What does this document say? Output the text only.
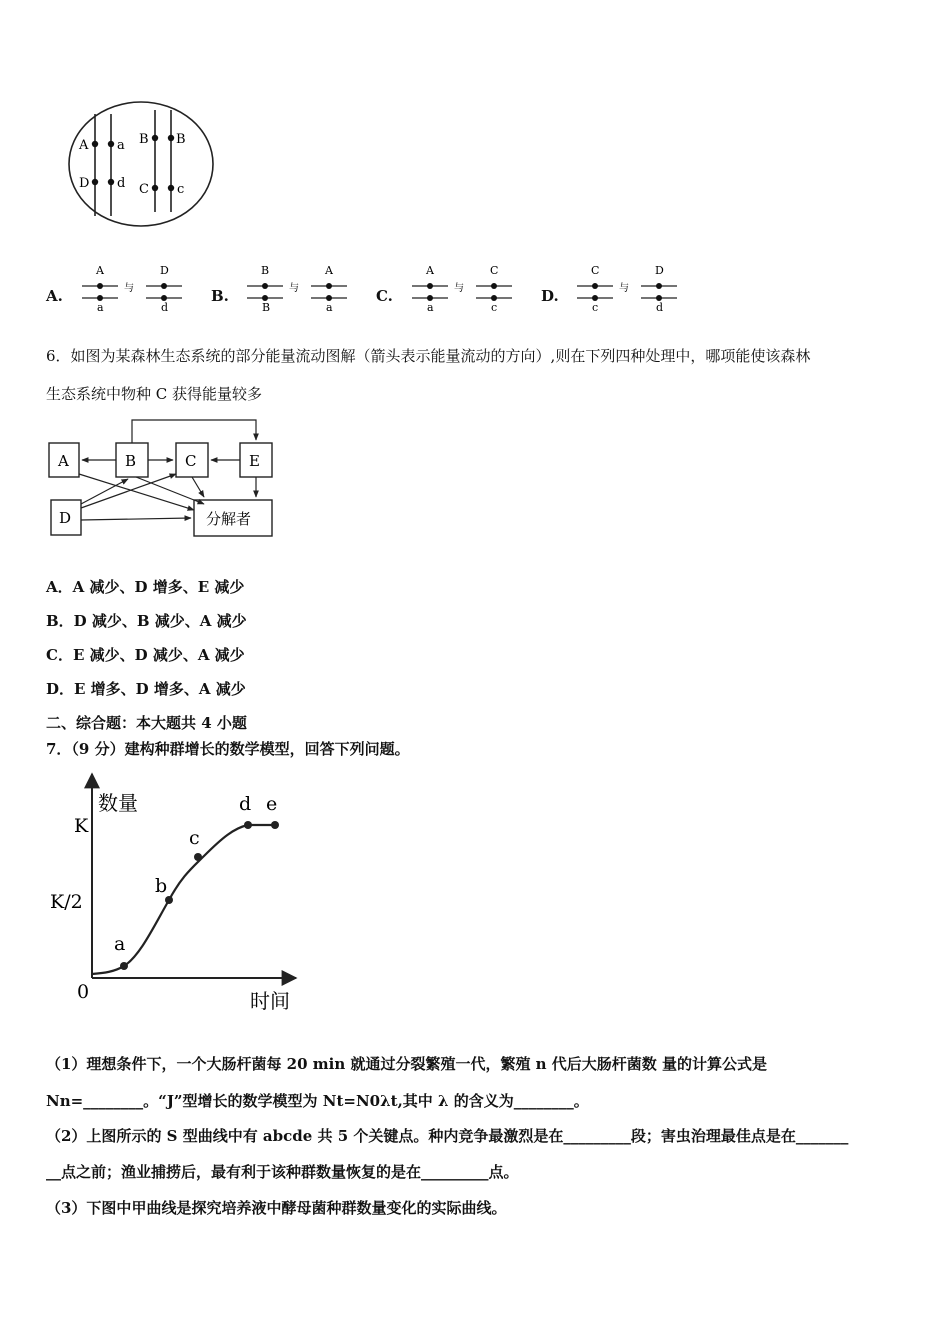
A a
D d
B B
C c
A.
A
a
D
d
与	B.
B
B
A
a
与	C.
A
a
C
c
与	D.
C
c
D
d
与
6．如图为某森林生态系统的部分能量流动图解（箭头表示能量流动的方向）,则在下列四种处理中，哪项能使该森林
生态系统中物种 C 获得能量较多
A	B	C	E
D	分解者
A．A 减少、D 增多、E 减少
B．D 减少、B 减少、A 减少
C．E 减少、D 减少、A 减少
D．E 增多、D 增多、A 减少
二、综合题：本大题共 4 小题
7．（9 分）建构种群增长的数学模型，回答下列问题。
数量
时间
K
K/2
0
a
b
c
d e
（1）理想条件下，一个大肠杆菌每 20 min 就通过分裂繁殖一代，繁殖 n 代后大肠杆菌数 量的计算公式是
Nn=________。“J”型增长的数学模型为 Nt=N0λt,其中 λ 的含义为________。
（2）上图所示的 S 型曲线中有 abcde 共 5 个关键点。种内竞争最激烈是在_________段；害虫治理最佳点是在_______
__点之前；渔业捕捞后，最有利于该种群数量恢复的是在_________点。
（3）下图中甲曲线是探究培养液中酵母菌种群数量变化的实际曲线。
